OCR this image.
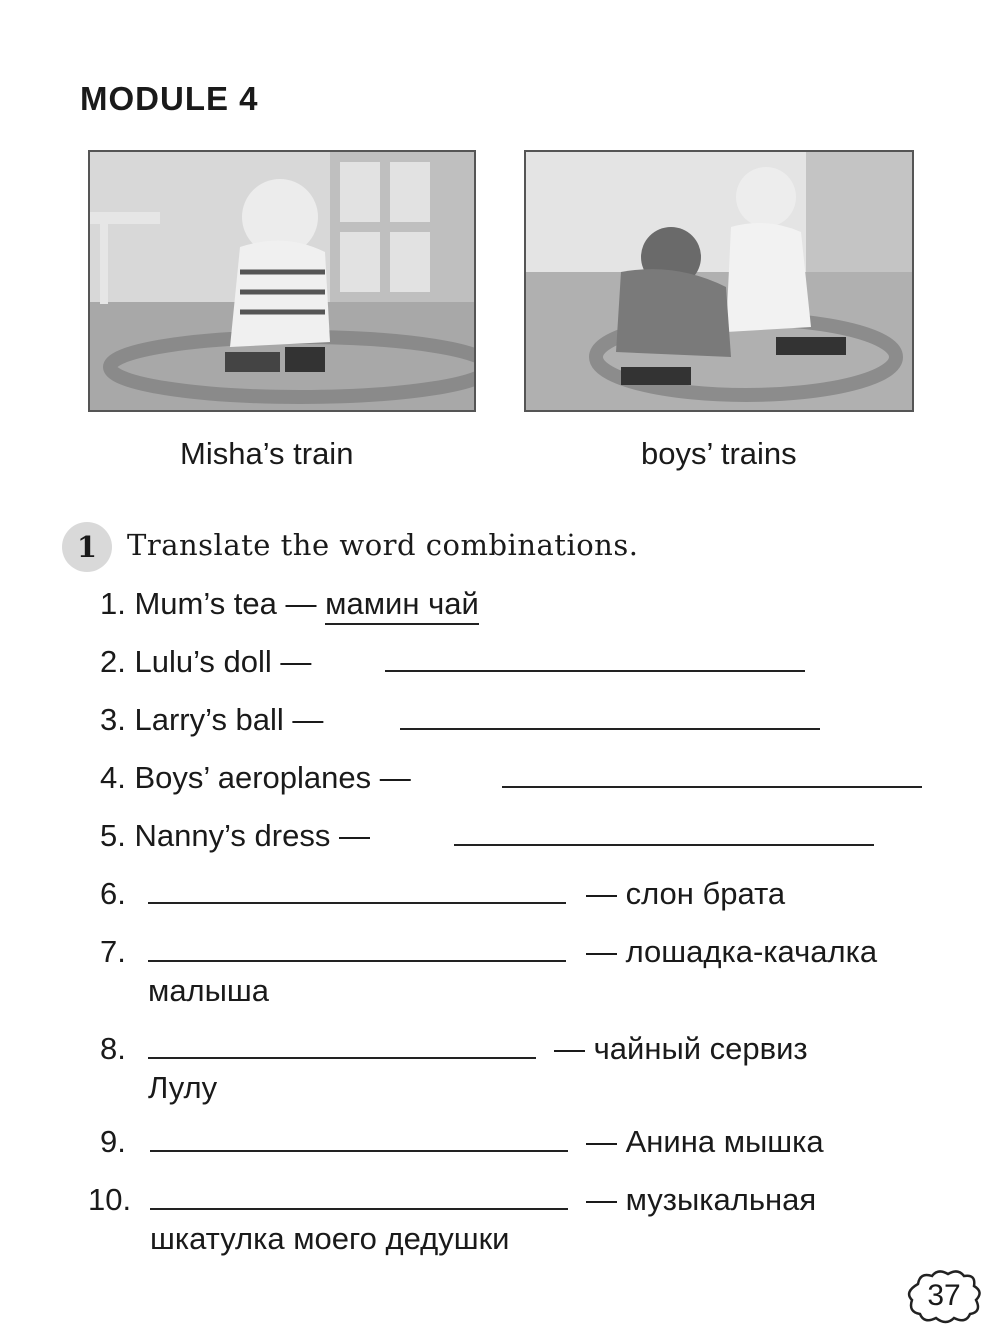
MODULE 4
Misha’s train	boys’ trains
1	Translate the word combinations.
1. Mum’s tea — мамин чай
2. Lulu’s doll —
3. Larry’s ball —
4. Boys’ aeroplanes —
5. Nanny’s dress —
6.	— слон брата
7.	— лошадка-качалка
малыша
8.	— чайный сервиз
Лулу
9.	— Анина мышка
10.	— музыкальная
шкатулка моего дедушки
37
